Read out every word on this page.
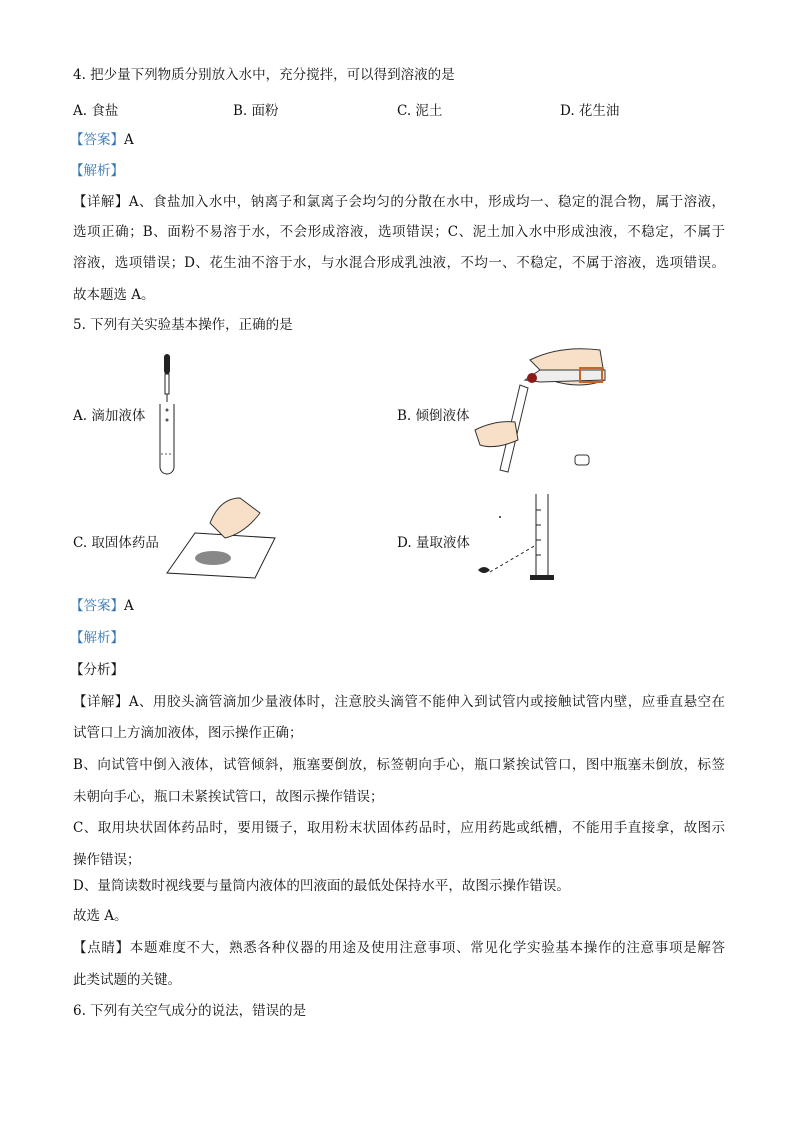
4. 把少量下列物质分别放入水中，充分搅拌，可以得到溶液的是
A. 食盐	B. 面粉	C. 泥土	D. 花生油
【答案】A
【解析】
【详解】A、食盐加入水中，钠离子和氯离子会均匀的分散在水中，形成均一、稳定的混合物，属于溶液，
选项正确；B、面粉不易溶于水，不会形成溶液，选项错误；C、泥土加入水中形成浊液，不稳定，不属于
溶液，选项错误；D、花生油不溶于水，与水混合形成乳浊液，不均一、不稳定，不属于溶液，选项错误。
故本题选 A。
5. 下列有关实验基本操作，正确的是
A. 滴加液体	B. 倾倒液体
C. 取固体药品	D. 量取液体
【答案】A
【解析】
【分析】
【详解】A、用胶头滴管滴加少量液体时，注意胶头滴管不能伸入到试管内或接触试管内壁，应垂直悬空在
试管口上方滴加液体，图示操作正确；
B、向试管中倒入液体，试管倾斜，瓶塞要倒放，标签朝向手心，瓶口紧挨试管口，图中瓶塞未倒放，标签
未朝向手心，瓶口未紧挨试管口，故图示操作错误；
C、取用块状固体药品时，要用镊子，取用粉末状固体药品时，应用药匙或纸槽，不能用手直接拿，故图示
操作错误；
D、量筒读数时视线要与量筒内液体的凹液面的最低处保持水平，故图示操作错误。
故选 A。
【点睛】本题难度不大，熟悉各种仪器的用途及使用注意事项、常见化学实验基本操作的注意事项是解答
此类试题的关键。
6. 下列有关空气成分的说法，错误的是
